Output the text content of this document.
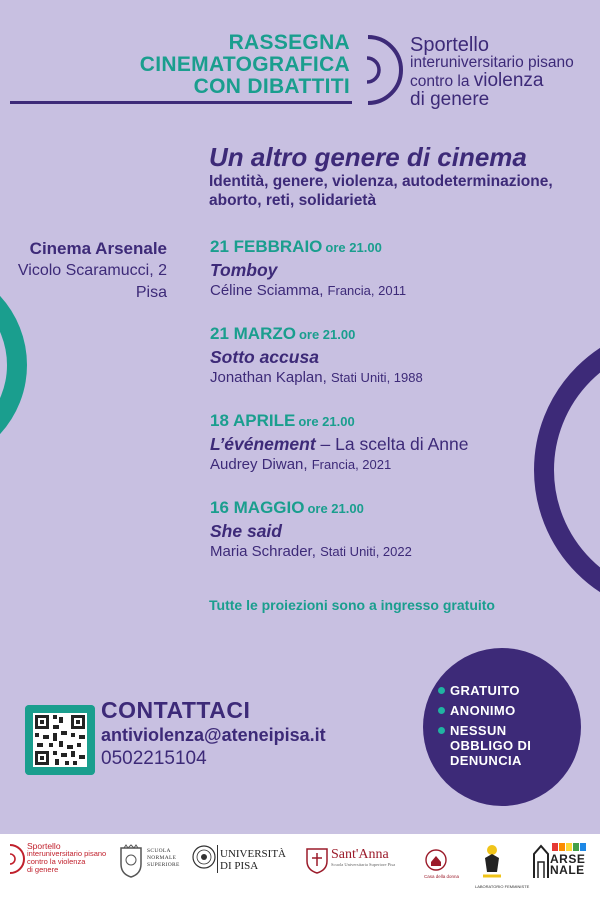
RASSEGNA
CINEMATOGRAFICA
CON DIBATTITI
Sportello
interuniversitario pisano
contro la violenza
di genere
Un altro genere di cinema
Identità, genere, violenza, autodeterminazione,
aborto, reti, solidarietà
Cinema Arsenale
Vicolo Scaramucci, 2
Pisa
21 FEBBRAIO ore 21.00
Tomboy
Céline Sciamma, Francia, 2011
21 MARZO ore 21.00
Sotto accusa
Jonathan Kaplan, Stati Uniti, 1988
18 APRILE ore 21.00
L’événement – La scelta di Anne
Audrey Diwan, Francia, 2021
16 MAGGIO ore 21.00
She said
Maria Schrader, Stati Uniti, 2022
Tutte le proiezioni sono a ingresso gratuito
CONTATTACI
antiviolenza@ateneipisa.it
0502215104
GRATUITO
ANONIMO
NESSUN OBBLIGO DI DENUNCIA
Sportello
interuniversitario pisano
contro la violenza
di genere
SCUOLA
NORMALE
SUPERIORE
UNIVERSITÀ
DI PISA
Sant'Anna
Scuola Universitaria Superiore Pisa
Casa della donna
LABORATORIO FEMMINISTE
ARSE
NALE
